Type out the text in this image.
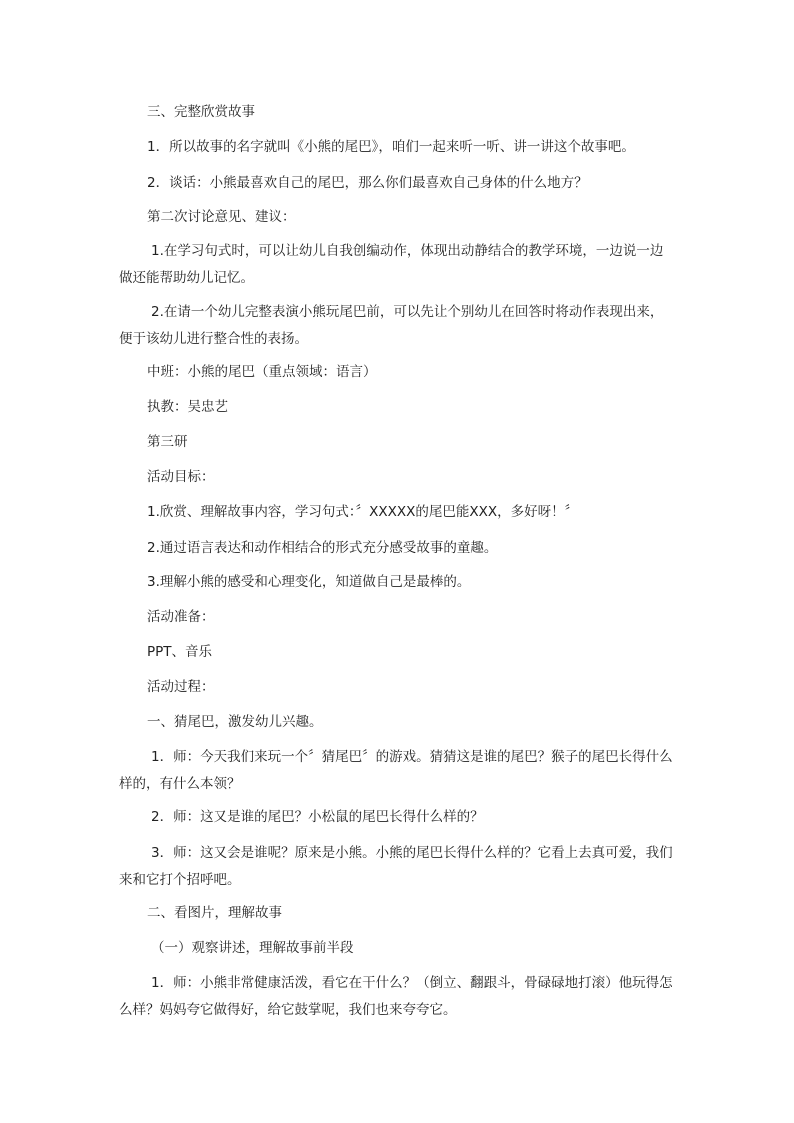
三、完整欣赏故事

1．所以故事的名字就叫《小熊的尾巴》，咱们一起来听一听、讲一讲这个故事吧。

2．谈话：小熊最喜欢自己的尾巴，那么你们最喜欢自己身体的什么地方？

第二次讨论意见、建议：

1.在学习句式时，可以让幼儿自我创编动作，体现出动静结合的教学环境，一边说一边做还能帮助幼儿记忆。

2.在请一个幼儿完整表演小熊玩尾巴前，可以先让个别幼儿在回答时将动作表现出来，便于该幼儿进行整合性的表扬。

中班：小熊的尾巴（重点领域：语言）

执教：吴忠艺

第三研

活动目标：

1.欣赏、理解故事内容，学习句式：〞XXXXX的尾巴能XXX，多好呀！〞

2.通过语言表达和动作相结合的形式充分感受故事的童趣。

3.理解小熊的感受和心理变化，知道做自己是最棒的。

活动准备：

PPT、音乐

活动过程：

一、猜尾巴，激发幼儿兴趣。

1．师：今天我们来玩一个〞猜尾巴〞的游戏。猜猜这是谁的尾巴？猴子的尾巴长得什么样的，有什么本领？

2．师：这又是谁的尾巴？小松鼠的尾巴长得什么样的？

3．师：这又会是谁呢？原来是小熊。小熊的尾巴长得什么样的？它看上去真可爱，我们来和它打个招呼吧。

二、看图片，理解故事

（一）观察讲述，理解故事前半段

1．师：小熊非常健康活泼，看它在干什么？（倒立、翻跟斗，骨碌碌地打滚）他玩得怎么样？妈妈夸它做得好，给它鼓掌呢，我们也来夸夸它。
